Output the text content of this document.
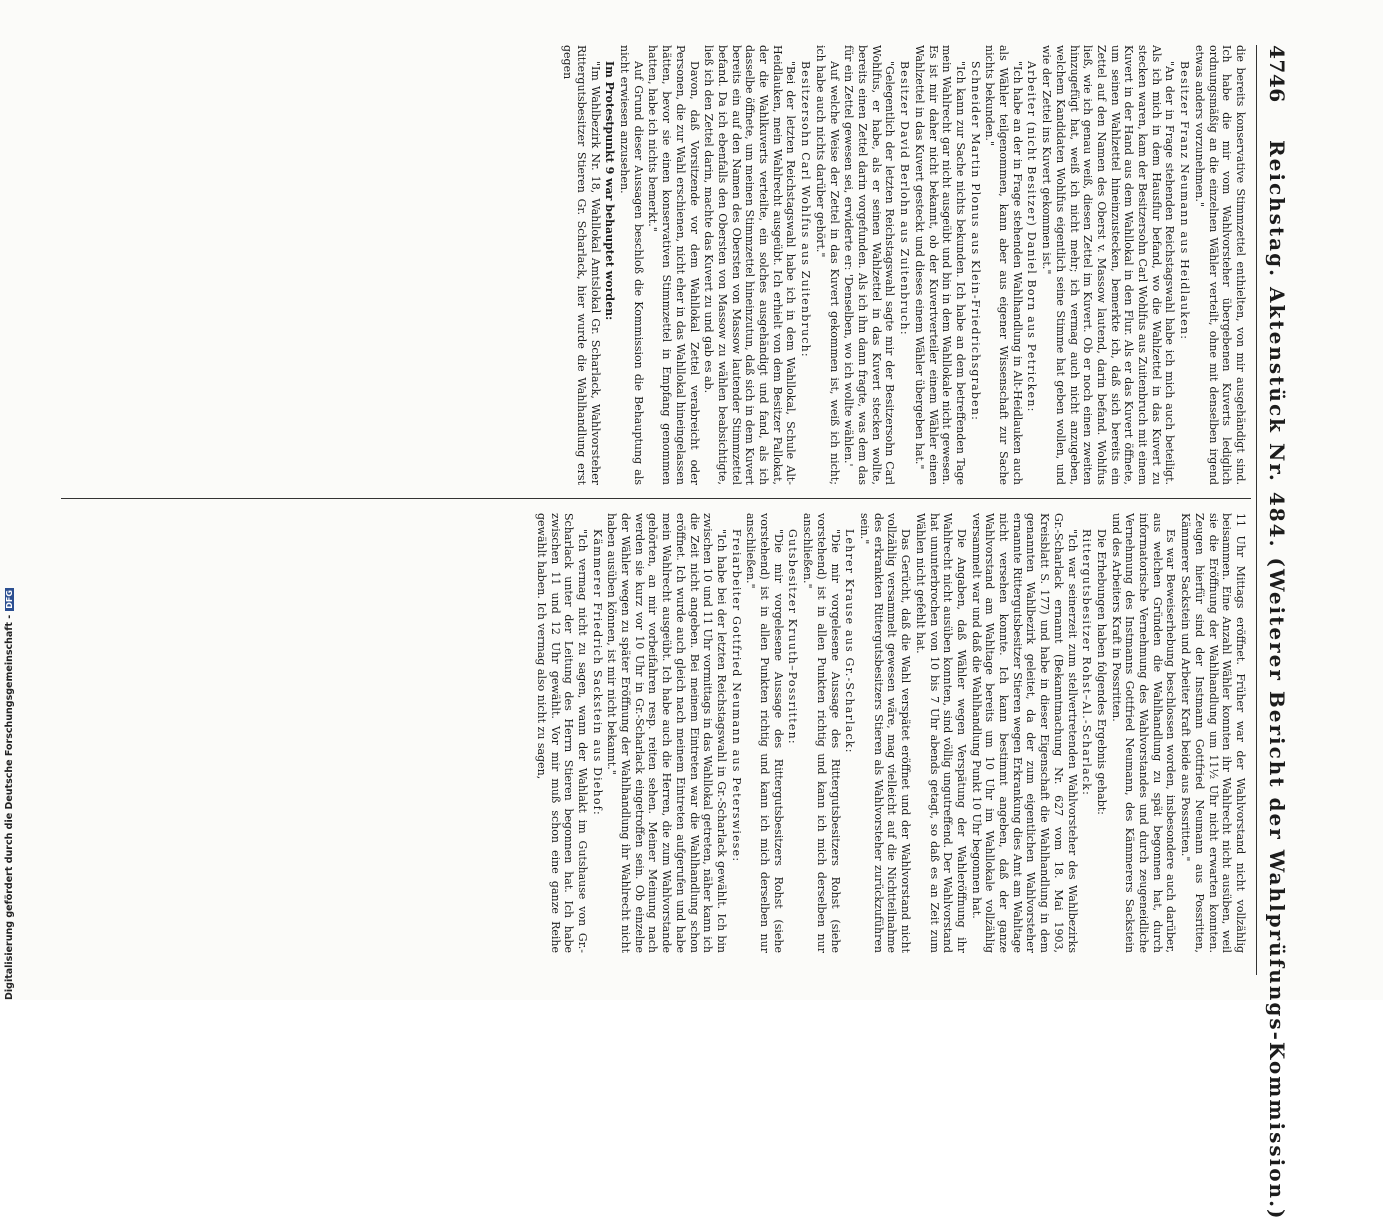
4746
Reichstag. Aktenstück Nr. 484. (Weiterer Bericht der Wahlprüfungs-Kommission.)

die bereits konservative Stimmzettel enthielten, von mir ausgehändigt sind. Ich habe die mir vom Wahlvorsteher übergebenen Kuverts lediglich ordnungsmäßig an die einzelnen Wähler verteilt, ohne mit denselben irgend etwas anders vorzunehmen."

Besitzer Franz Neumann aus Heidlauken:

"An der in Frage stehenden Reichstagswahl habe ich mich auch beteiligt. Als ich mich in dem Hausflur befand, wo die Wahlzettel in das Kuvert zu stecken waren, kam der Besitzersohn Carl Wohlfus aus Zuitenbruch mit einem Kuvert in der Hand aus dem Wahllokal in den Flur. Als er das Kuvert öffnete, um seinen Wahlzettel hineinzustecken, bemerkte ich, daß sich bereits ein Zettel auf den Namen des Oberst v. Massow lautend, darin befand. Wohlfus ließ, wie ich genau weiß, diesen Zettel im Kuvert. Ob er noch einen zweiten hinzugefügt hat, weiß ich nicht mehr; ich vermag auch nicht anzugeben, welchem Kandidaten Wohlfus eigentlich seine Stimme hat geben wollen, und wie der Zettel ins Kuvert gekommen ist."

Arbeiter (nicht Besitzer) Daniel Born aus Petricken:

"Ich habe an der in Frage stehenden Wahlhandlung in Alt-Heidlauken auch als Wähler teilgenommen, kann aber aus eigener Wissenschaft zur Sache nichts bekunden."

Schneider Martin Plonus aus Klein-Friedrichsgraben:

"Ich kann zur Sache nichts bekunden. Ich habe an dem betreffenden Tage mein Wahlrecht gar nicht ausgeübt und bin in dem Wahllokale nicht gewesen. Es ist mir daher nicht bekannt, ob der Kuvertverteiler einem Wähler einen Wahlzettel in das Kuvert gesteckt und dieses einem Wähler übergeben hat."

Besitzer David Berlohn aus Zuitenbruch:

"Gelegentlich der letzten Reichstagswahl sagte mir der Besitzersohn Carl Wohlfus, er habe, als er seinen Wahlzettel in das Kuvert stecken wollte, bereits einen Zettel darin vorgefunden. Als ich ihn dann fragte, was dem das für ein Zettel gewesen sei, erwiderte er: 'Denselben, wo ich wollte wählen.'

Auf welche Weise der Zettel in das Kuvert gekommen ist, weiß ich nicht; ich habe auch nichts darüber gehört."

Besitzersohn Carl Wohlfus aus Zuitenbruch:

"Bei der letzten Reichstagswahl habe ich in dem Wahllokal, Schule Alt-Heidlauken, mein Wahlrecht ausgeübt. Ich erhielt von dem Besitzer Pallokat, der die Wahlkuverts verteilte, ein solches ausgehändigt und fand, als ich dasselbe öffnete, um meinen Stimmzettel hineinzutun, daß sich in dem Kuvert bereits ein auf den Namen des Obersten von Massow lautender Stimmzettel befand. Da ich ebenfalls den Obersten von Massow zu wählen beabsichtigte, ließ ich den Zettel darin, machte das Kuvert zu und gab es ab.

Davon, daß Vorsitzende vor dem Wahllokal Zettel verabreicht oder Personen, die zur Wahl erschienen, nicht eher in das Wahllokal hineingelassen hätten, bevor sie einen konservativen Stimmzettel in Empfang genommen hatten, habe ich nichts bemerkt."

Auf Grund dieser Aussagen beschloß die Kommission die Behauptung als nicht erwiesen anzusehen.

Im Protestpunkt 9 war behauptet worden:

"Im Wahlbezirk Nr. 18, Wahllokal Amtslokal Gr. Scharlack, Wahlvorsteher Rittergutsbesitzer Stieren Gr. Scharlack, hier wurde die Wahlhandlung erst gegen

11 Uhr Mittags eröffnet. Früher war der Wahlvorstand nicht vollzählig beisammen. Eine Anzahl Wähler konnten ihr Wahlrecht nicht ausüben, weil sie die Eröffnung der Wahlhandlung um 11½ Uhr nicht erwarten konnten. Zeugen hierfür sind der Instmann Gottfried Neumann aus Possritten, Kämmerer Sackstein und Arbeiter Kraft beide aus Possritten."

Es war Beweiserhebung beschlossen worden, insbesondere auch darüber, aus welchen Gründen die Wahlhandlung zu spät begonnen hat, durch informatorische Vernehmung des Wahlvorstandes und durch zeugeneidliche Vernehmung des Instmanns Gottfried Neumann, des Kämmerers Sackstein und des Arbeiters Kraft in Possritten.

Die Erhebungen haben folgendes Ergebnis gehabt:

Rittergutsbesitzer Rohst–Al.-Scharlack:

"Ich war seinerzeit zum stellvertretenden Wahlvorsteher des Wahlbezirks Gr.-Scharlack ernannt (Bekanntmachung Nr. 627 vom 18. Mai 1903, Kreisblatt S. 177) und habe in dieser Eigenschaft die Wahlhandlung in dem genannten Wahlbezirk geleitet, da der zum eigentlichen Wahlvorsteher ernannte Rittergutsbesitzer Stieren wegen Erkrankung dies Amt am Wahltage nicht versehen konnte. Ich kann bestimmt angeben, daß der ganze Wahlvorstand am Wahltage bereits um 10 Uhr im Wahllokale vollzählig versammelt war und daß die Wahlhandlung Punkt 10 Uhr begonnen hat.

Die Angaben, daß Wähler wegen Verspätung der Wahleröffnung ihr Wahlrecht nicht ausüben konnten, sind völlig ungutreffend. Der Wahlvorstand hat ununterbrochen von 10 bis 7 Uhr abends getagt, so daß es an Zeit zum Wählen nicht gefehlt hat.

Das Gerücht, daß die Wahl verspätet eröffnet und der Wahlvorstand nicht vollzählig versammelt gewesen wäre, mag vielleicht auf die Nichtteilnahme des erkrankten Rittergutsbesitzers Stieren als Wahlvorsteher zurückzuführen sein."

Lehrer Krause aus Gr.-Scharlack:

"Die mir vorgelesene Aussage des Rittergutsbesitzers Rohst (siehe vorstehend) ist in allen Punkten richtig und kann ich mich derselben nur anschließen."

Gutsbesitzer Kruuth–Possritten:

"Die mir vorgelesene Aussage des Rittergutsbesitzers Rohst (siehe vorstehend) ist in allen Punkten richtig und kann ich mich derselben nur anschließen."

Freiarbeiter Gottfried Neumann aus Peterswiese:

"Ich habe bei der letzten Reichstagswahl in Gr.-Scharlack gewählt. Ich bin zwischen 10 und 11 Uhr vormittags in das Wahllokal getreten, näher kann ich die Zeit nicht angeben. Bei meinem Eintreten war die Wahlhandlung schon eröffnet. Ich wurde auch gleich nach meinem Eintreten aufgerufen und habe mein Wahlrecht ausgeübt. Ich habe auch die Herren, die zum Wahlvorstande gehörten, an mir vorbeifahren resp. reiten sehen. Meiner Meinung nach werden sie kurz vor 10 Uhr in Gr.-Scharlack eingetroffen sein. Ob einzelne der Wähler wegen zu später Eröffnung der Wahlhandlung ihr Wahlrecht nicht haben ausüben können, ist mir nicht bekannt."

Kämmerer Friedrich Sackstein aus Diehof:

"Ich vermag nicht zu sagen, wann der Wahlakt im Gutshause von Gr.-Scharlack unter der Leitung des Herrn Stieren begonnen hat. Ich habe zwischen 11 und 12 Uhr gewählt. Vor mir muß schon eine ganze Reihe gewählt haben. Ich vermag also nicht zu sagen,

Digitalisierung gefördert durch die Deutsche Forschungsgemeinschaft -DFG
